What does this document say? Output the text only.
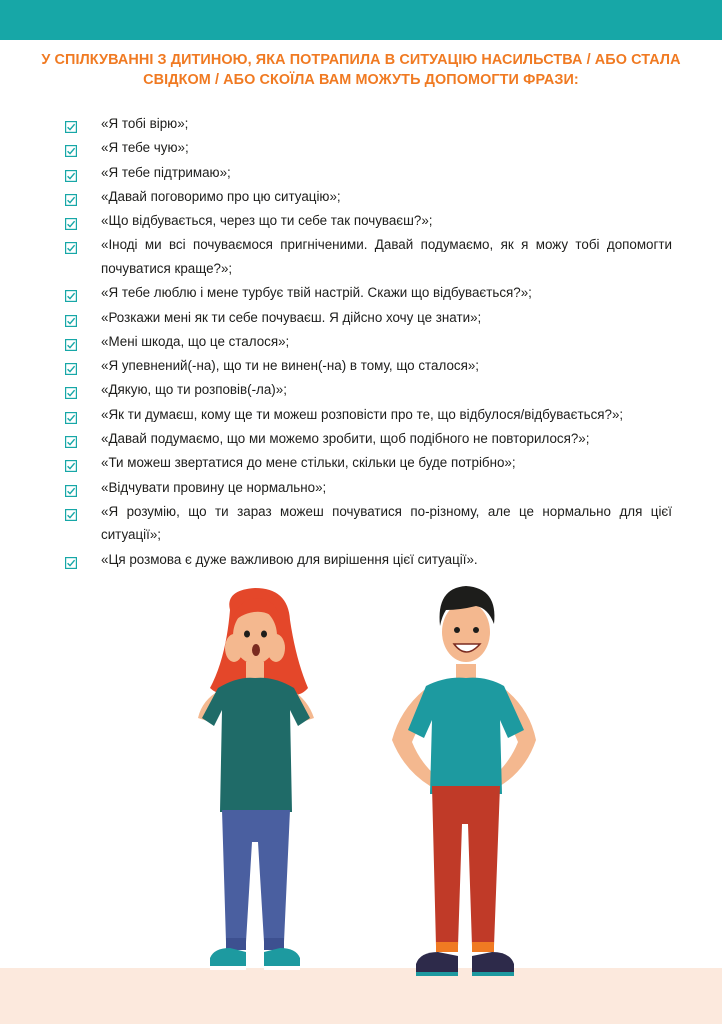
У СПІЛКУВАННІ З ДИТИНОЮ, ЯКА ПОТРАПИЛА В СИТУАЦІЮ НАСИЛЬСТВА / АБО СТАЛА СВІДКОМ / АБО СКОЇЛА ВАМ МОЖУТЬ ДОПОМОГТИ ФРАЗИ:
«Я тобі вірю»;
«Я тебе чую»;
«Я тебе підтримаю»;
«Давай поговоримо про цю ситуацію»;
«Що відбувається, через що ти себе так почуваєш?»;
«Іноді ми всі почуваємося пригніченими. Давай подумаємо, як я можу тобі допомогти почуватися краще?»;
«Я тебе люблю і мене турбує твій настрій. Скажи що відбувається?»;
«Розкажи мені як ти себе почуваєш. Я дійсно хочу це знати»;
«Мені шкода, що це сталося»;
«Я упевнений(-на), що ти не винен(-на) в тому, що сталося»;
«Дякую, що ти розповів(-ла)»;
«Як ти думаєш, кому ще ти можеш розповісти про те, що відбулося/відбувається?»;
«Давай подумаємо, що ми можемо зробити, щоб подібного не повторилося?»;
«Ти можеш звертатися до мене стільки, скільки це буде потрібно»;
«Відчувати провину це нормально»;
«Я розумію, що ти зараз можеш почуватися по-різному, але це нормально для цієї ситуації»;
«Ця розмова є дуже важливою для вирішення цієї ситуації».
